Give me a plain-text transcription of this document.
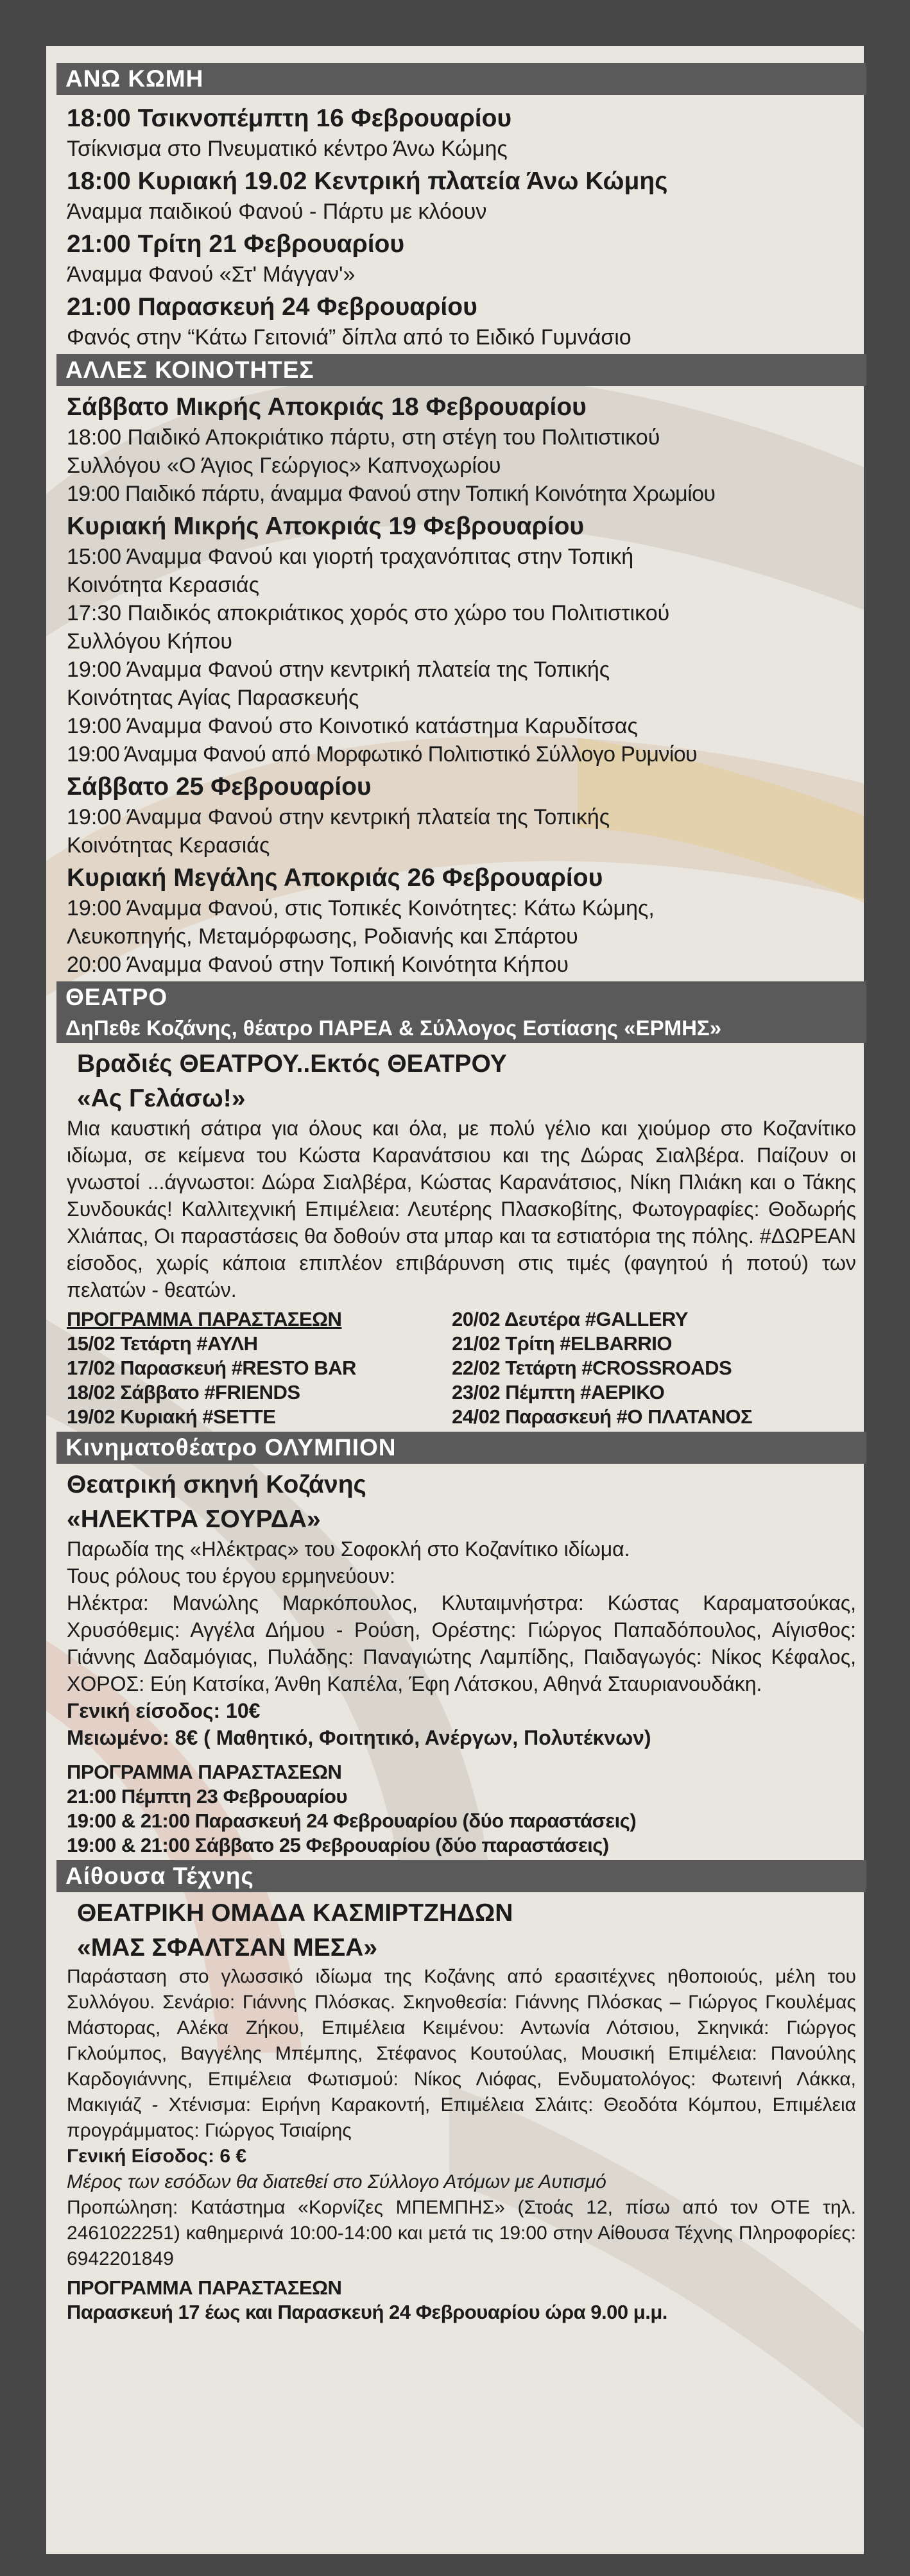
ΑΝΩ ΚΩΜΗ
18:00 Τσικνοπέμπτη 16 Φεβρουαρίου
Τσίκνισμα στο Πνευματικό κέντρο Άνω Κώμης
18:00 Κυριακή 19.02 Κεντρική πλατεία Άνω Κώμης
Άναμμα παιδικού Φανού - Πάρτυ με κλόουν
21:00 Τρίτη 21 Φεβρουαρίου
Άναμμα Φανού «Στ' Μάγγαν'»
21:00 Παρασκευή 24 Φεβρουαρίου
Φανός στην “Κάτω Γειτονιά” δίπλα από το Ειδικό Γυμνάσιο
ΑΛΛΕΣ ΚΟΙΝΟΤΗΤΕΣ
Σάββατο Μικρής Αποκριάς 18 Φεβρουαρίου
18:00 Παιδικό Αποκριάτικο πάρτυ, στη στέγη του Πολιτιστικού
Συλλόγου «Ο Άγιος Γεώργιος» Καπνοχωρίου
19:00 Παιδικό πάρτυ, άναμμα Φανού στην Τοπική Κοινότητα Χρωμίου
Κυριακή Μικρής Αποκριάς 19 Φεβρουαρίου
15:00 Άναμμα Φανού και γιορτή τραχανόπιτας στην Τοπική
Κοινότητα Κερασιάς
17:30 Παιδικός αποκριάτικος χορός στο χώρο του Πολιτιστικού
Συλλόγου Κήπου
19:00 Άναμμα Φανού στην κεντρική πλατεία της Τοπικής
Κοινότητας Αγίας Παρασκευής
19:00 Άναμμα Φανού στο Κοινοτικό κατάστημα Καρυδίτσας
19:00 Άναμμα Φανού από Μορφωτικό Πολιτιστικό Σύλλογο Ρυμνίου
Σάββατο 25 Φεβρουαρίου
19:00 Άναμμα Φανού στην κεντρική πλατεία της Τοπικής
Κοινότητας Κερασιάς
Κυριακή Μεγάλης Αποκριάς 26 Φεβρουαρίου
19:00 Άναμμα Φανού, στις Τοπικές Κοινότητες: Κάτω Κώμης,
Λευκοπηγής, Μεταμόρφωσης, Ροδιανής και Σπάρτου
20:00 Άναμμα Φανού στην Τοπική Κοινότητα Κήπου
ΘΕΑΤΡΟ
ΔηΠεθε Κοζάνης, θέατρο ΠΑΡΕΑ & Σύλλογος Εστίασης «ΕΡΜΗΣ»
Βραδιές ΘΕΑΤΡΟΥ..Εκτός ΘΕΑΤΡΟΥ
«Ας Γελάσω!»
Μια καυστική σάτιρα για όλους και όλα, με πολύ γέλιο και χιούμορ στο Κοζανίτικο ιδίωμα, σε κείμενα του Κώστα Καρανάτσιου και της Δώρας Σιαλβέρα. Παίζουν οι γνωστοί ...άγνωστοι: Δώρα Σιαλβέρα, Κώστας Καρανάτσιος, Νίκη Πλιάκη και ο Τάκης Συνδουκάς! Καλλιτεχνική Επιμέλεια: Λευτέρης Πλασκοβίτης, Φωτογραφίες: Θοδωρής Χλιάπας, Οι παραστάσεις θα δοθούν στα μπαρ και τα εστιατόρια της πόλης. #ΔΩΡΕΑΝ είσοδος, χωρίς κάποια επιπλέον επιβάρυνση στις τιμές (φαγητού ή ποτού) των πελατών - θεατών.
ΠΡΟΓΡΑΜΜΑ ΠΑΡΑΣΤΑΣΕΩΝ	20/02 Δευτέρα #GALLERY
15/02 Τετάρτη #ΑΥΛΗ	21/02 Τρίτη #ELBARRIO
17/02 Παρασκευή #RESTO BAR	22/02 Τετάρτη #CROSSROADS
18/02 Σάββατο #FRIENDS	23/02 Πέμπτη #ΑΕΡΙΚΟ
19/02 Κυριακή #SETTE	24/02 Παρασκευή #Ο ΠΛΑΤΑΝΟΣ
Κινηματοθέατρο ΟΛΥΜΠΙΟΝ
Θεατρική σκηνή Κοζάνης
«ΗΛΕΚΤΡΑ ΣΟΥΡΔΑ»
Παρωδία της «Ηλέκτρας» του Σοφοκλή στο Κοζανίτικο ιδίωμα.
Τους ρόλους του έργου ερμηνεύουν:
Ηλέκτρα: Μανώλης Μαρκόπουλος, Κλυταιμνήστρα: Κώστας Καραματσούκας, Χρυσόθεμις: Αγγέλα Δήμου - Ρούση, Ορέστης: Γιώργος Παπαδόπουλος, Αίγισθος: Γιάννης Δαδαμόγιας, Πυλάδης: Παναγιώτης Λαμπίδης, Παιδαγωγός: Νίκος Κέφαλος, ΧΟΡΟΣ: Εύη Κατσίκα, Άνθη Καπέλα, Έφη Λάτσκου, Αθηνά Σταυριανουδάκη.
Γενική είσοδος: 10€
Μειωμένο: 8€ ( Μαθητικό, Φοιτητικό, Ανέργων, Πολυτέκνων)
ΠΡΟΓΡΑΜΜΑ ΠΑΡΑΣΤΑΣΕΩΝ
21:00 Πέμπτη 23 Φεβρουαρίου
19:00 & 21:00 Παρασκευή 24 Φεβρουαρίου (δύο παραστάσεις)
19:00 & 21:00 Σάββατο 25 Φεβρουαρίου (δύο παραστάσεις)
Αίθουσα Τέχνης
ΘΕΑΤΡΙΚΗ ΟΜΑΔΑ ΚΑΣΜΙΡΤΖΗΔΩΝ
«ΜΑΣ ΣΦΑΛΤΣΑΝ ΜΕΣΑ»
Παράσταση στο γλωσσικό ιδίωμα της Κοζάνης από ερασιτέχνες ηθοποιούς, μέλη του Συλλόγου. Σενάριο: Γιάννης Πλόσκας. Σκηνοθεσία: Γιάννης Πλόσκας – Γιώργος Γκουλέμας Μάστορας, Αλέκα Ζήκου, Επιμέλεια Κειμένου: Αντωνία Λότσιου, Σκηνικά: Γιώργος Γκλούμπος, Βαγγέλης Μπέμπης, Στέφανος Κουτούλας, Μουσική Επιμέλεια: Πανούλης Καρδογιάννης, Επιμέλεια Φωτισμού: Νίκος Λιόφας, Ενδυματολόγος: Φωτεινή Λάκκα, Μακιγιάζ - Χτένισμα: Ειρήνη Καρακοντή, Επιμέλεια Σλάιτς: Θεοδότα Κόμπου, Επιμέλεια προγράμματος: Γιώργος Τσιαίρης
Γενική Είσοδος: 6 €
Μέρος των εσόδων θα διατεθεί στο Σύλλογο Ατόμων με Αυτισμό
Προπώληση: Κατάστημα «Κορνίζες ΜΠΕΜΠΗΣ» (Στοάς 12, πίσω από τον ΟΤΕ τηλ. 2461022251) καθημερινά 10:00-14:00 και μετά τις 19:00 στην Αίθουσα Τέχνης Πληροφορίες: 6942201849
ΠΡΟΓΡΑΜΜΑ ΠΑΡΑΣΤΑΣΕΩΝ
Παρασκευή 17 έως και Παρασκευή 24 Φεβρουαρίου ώρα 9.00 μ.μ.
